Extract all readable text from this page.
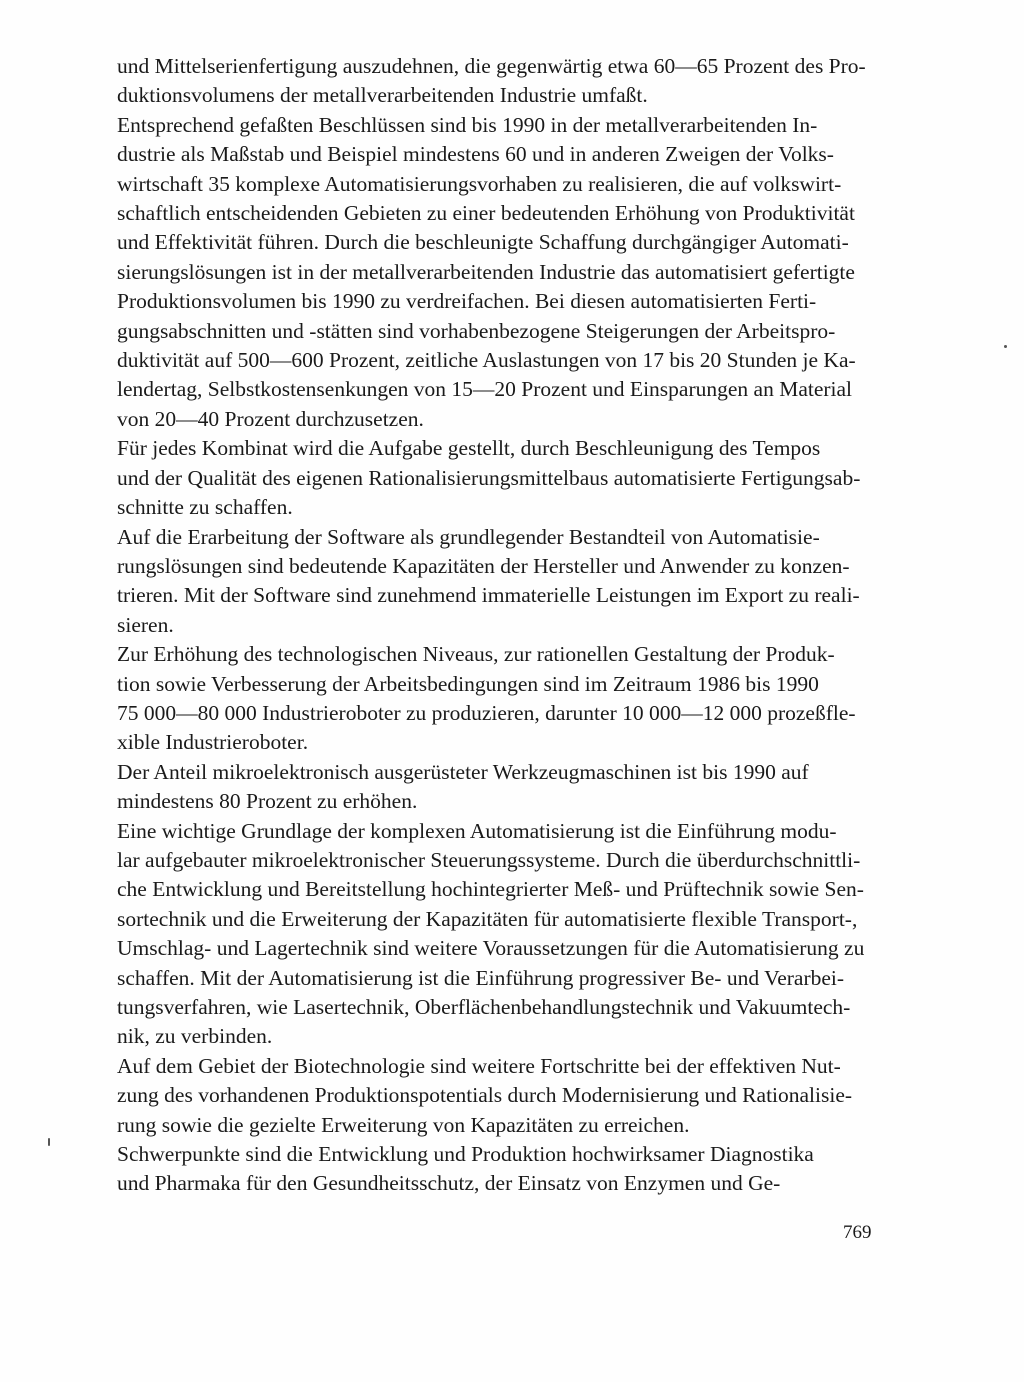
und Mittelserienfertigung auszudehnen, die gegenwärtig etwa 60—65 Prozent des Pro-
duktionsvolumens der metallverarbeitenden Industrie umfaßt.

Entsprechend gefaßten Beschlüssen sind bis 1990 in der metallverarbeitenden In-
dustrie als Maßstab und Beispiel mindestens 60 und in anderen Zweigen der Volks-
wirtschaft 35 komplexe Automatisierungsvorhaben zu realisieren, die auf volkswirt-
schaftlich entscheidenden Gebieten zu einer bedeutenden Erhöhung von Produktivität
und Effektivität führen. Durch die beschleunigte Schaffung durchgängiger Automati-
sierungslösungen ist in der metallverarbeitenden Industrie das automatisiert gefertigte
Produktionsvolumen bis 1990 zu verdreifachen. Bei diesen automatisierten Ferti-
gungsabschnitten und -stätten sind vorhabenbezogene Steigerungen der Arbeitspro-
duktivität auf 500—600 Prozent, zeitliche Auslastungen von 17 bis 20 Stunden je Ka-
lendertag, Selbstkostensenkungen von 15—20 Prozent und Einsparungen an Material
von 20—40 Prozent durchzusetzen.

Für jedes Kombinat wird die Aufgabe gestellt, durch Beschleunigung des Tempos
und der Qualität des eigenen Rationalisierungsmittelbaus automatisierte Fertigungsab-
schnitte zu schaffen.

Auf die Erarbeitung der Software als grundlegender Bestandteil von Automatisie-
rungslösungen sind bedeutende Kapazitäten der Hersteller und Anwender zu konzen-
trieren. Mit der Software sind zunehmend immaterielle Leistungen im Export zu reali-
sieren.

Zur Erhöhung des technologischen Niveaus, zur rationellen Gestaltung der Produk-
tion sowie Verbesserung der Arbeitsbedingungen sind im Zeitraum 1986 bis 1990
75 000—80 000 Industrieroboter zu produzieren, darunter 10 000—12 000 prozeßfle-
xible Industrieroboter.

Der Anteil mikroelektronisch ausgerüsteter Werkzeugmaschinen ist bis 1990 auf
mindestens 80 Prozent zu erhöhen.

Eine wichtige Grundlage der komplexen Automatisierung ist die Einführung modu-
lar aufgebauter mikroelektronischer Steuerungssysteme. Durch die überdurchschnittli-
che Entwicklung und Bereitstellung hochintegrierter Meß- und Prüftechnik sowie Sen-
sortechnik und die Erweiterung der Kapazitäten für automatisierte flexible Transport-,
Umschlag- und Lagertechnik sind weitere Voraussetzungen für die Automatisierung zu
schaffen. Mit der Automatisierung ist die Einführung progressiver Be- und Verarbei-
tungsverfahren, wie Lasertechnik, Oberflächenbehandlungstechnik und Vakuumtech-
nik, zu verbinden.

Auf dem Gebiet der Biotechnologie sind weitere Fortschritte bei der effektiven Nut-
zung des vorhandenen Produktionspotentials durch Modernisierung und Rationalisie-
rung sowie die gezielte Erweiterung von Kapazitäten zu erreichen.

Schwerpunkte sind die Entwicklung und Produktion hochwirksamer Diagnostika
und Pharmaka für den Gesundheitsschutz, der Einsatz von Enzymen und Ge-

769
